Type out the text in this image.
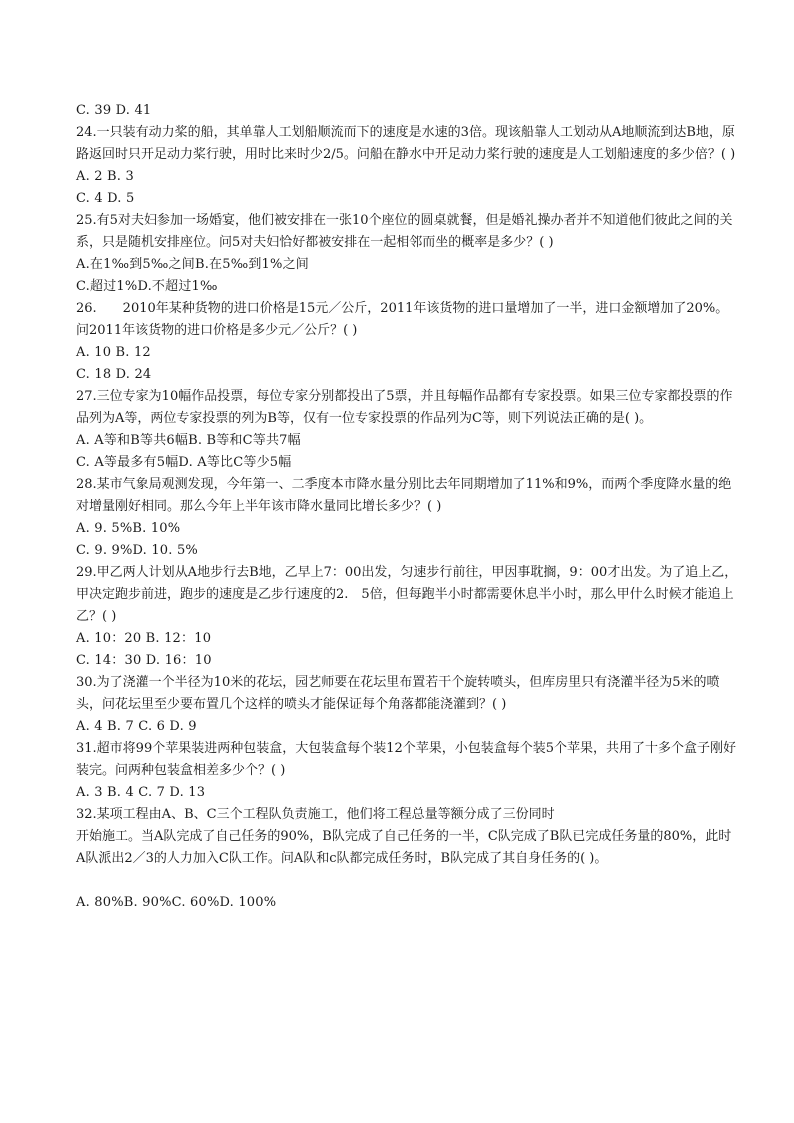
C. 39 D. 41

24.一只装有动力桨的船，其单靠人工划船顺流而下的速度是水速的3倍。现该船靠人工划动从A地顺流到达B地，原路返回时只开足动力桨行驶，用时比来时少2/5。问船在静水中开足动力桨行驶的速度是人工划船速度的多少倍？( )

A. 2 B. 3

C. 4 D. 5

25.有5对夫妇参加一场婚宴，他们被安排在一张10个座位的圆桌就餐，但是婚礼操办者并不知道他们彼此之间的关系，只是随机安排座位。问5对夫妇恰好都被安排在一起相邻而坐的概率是多少？( )

A.在1‰到5‰之间B.在5‰到1%之间

C.超过1%D.不超过1‰

26.　　2010年某种货物的进口价格是15元／公斤，2011年该货物的进口量增加了一半，进口金额增加了20%。问2011年该货物的进口价格是多少元／公斤？( )

A. 10 B. 12

C. 18 D. 24

27.三位专家为10幅作品投票，每位专家分别都投出了5票，并且每幅作品都有专家投票。如果三位专家都投票的作品列为A等，两位专家投票的列为B等，仅有一位专家投票的作品列为C等，则下列说法正确的是( )。

A. A等和B等共6幅B. B等和C等共7幅

C. A等最多有5幅D. A等比C等少5幅

28.某市气象局观测发现，今年第一、二季度本市降水量分别比去年同期增加了11%和9%，而两个季度降水量的绝对增量刚好相同。那么今年上半年该市降水量同比增长多少？( )

A. 9. 5%B. 10%

C. 9. 9%D. 10. 5%

29.甲乙两人计划从A地步行去B地，乙早上7：00出发，匀速步行前往，甲因事耽搁，9：00才出发。为了追上乙，甲决定跑步前进，跑步的速度是乙步行速度的2.　5倍，但每跑半小时都需要休息半小时，那么甲什么时候才能追上乙？( )

A. 10：20 B. 12：10

C. 14：30 D. 16：10

30.为了浇灌一个半径为10米的花坛，园艺师要在花坛里布置若干个旋转喷头，但库房里只有浇灌半径为5米的喷头，问花坛里至少要布置几个这样的喷头才能保证每个角落都能浇灌到？( )

A. 4 B. 7 C. 6 D. 9

31.超市将99个苹果装进两种包装盒，大包装盒每个装12个苹果，小包装盒每个装5个苹果，共用了十多个盒子刚好装完。问两种包装盒相差多少个？( )

A. 3 B. 4 C. 7 D. 13

32.某项工程由A、B、C三个工程队负责施工，他们将工程总量等额分成了三份同时

开始施工。当A队完成了自己任务的90%，B队完成了自己任务的一半，C队完成了B队已完成任务量的80%，此时A队派出2／3的人力加入C队工作。问A队和c队都完成任务时，B队完成了其自身任务的( )。

A. 80%B. 90%C. 60%D. 100%
